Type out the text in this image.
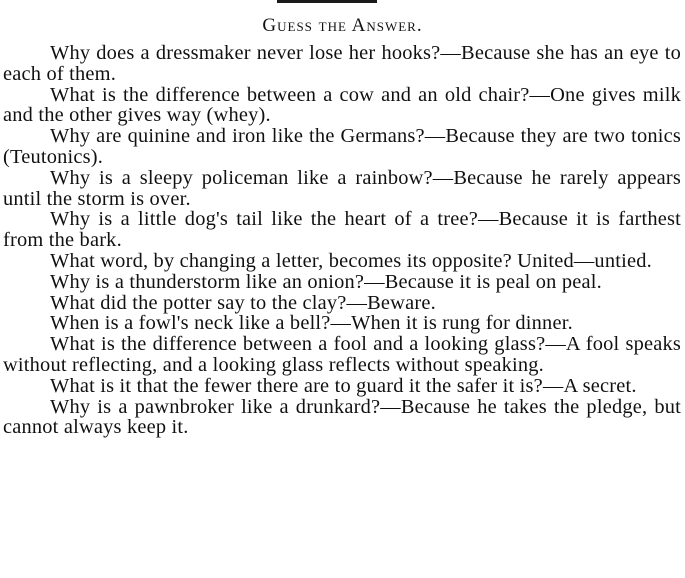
Guess the Answer.

Why does a dressmaker never lose her hooks?—Because she has an eye to each of them.

What is the difference between a cow and an old chair?—One gives milk and the other gives way (whey).

Why are quinine and iron like the Germans?—Because they are two tonics (Teutonics).

Why is a sleepy policeman like a rainbow?—Because he rarely appears until the storm is over.

Why is a little dog's tail like the heart of a tree?—Because it is farthest from the bark.

What word, by changing a letter, becomes its opposite? United—untied.

Why is a thunderstorm like an onion?—Because it is peal on peal.

What did the potter say to the clay?—Beware.

When is a fowl's neck like a bell?—When it is rung for dinner.

What is the difference between a fool and a looking glass?—A fool speaks without reflecting, and a looking glass reflects without speaking.

What is it that the fewer there are to guard it the safer it is?—A secret.

Why is a pawnbroker like a drunkard?—Because he takes the pledge, but cannot always keep it.
